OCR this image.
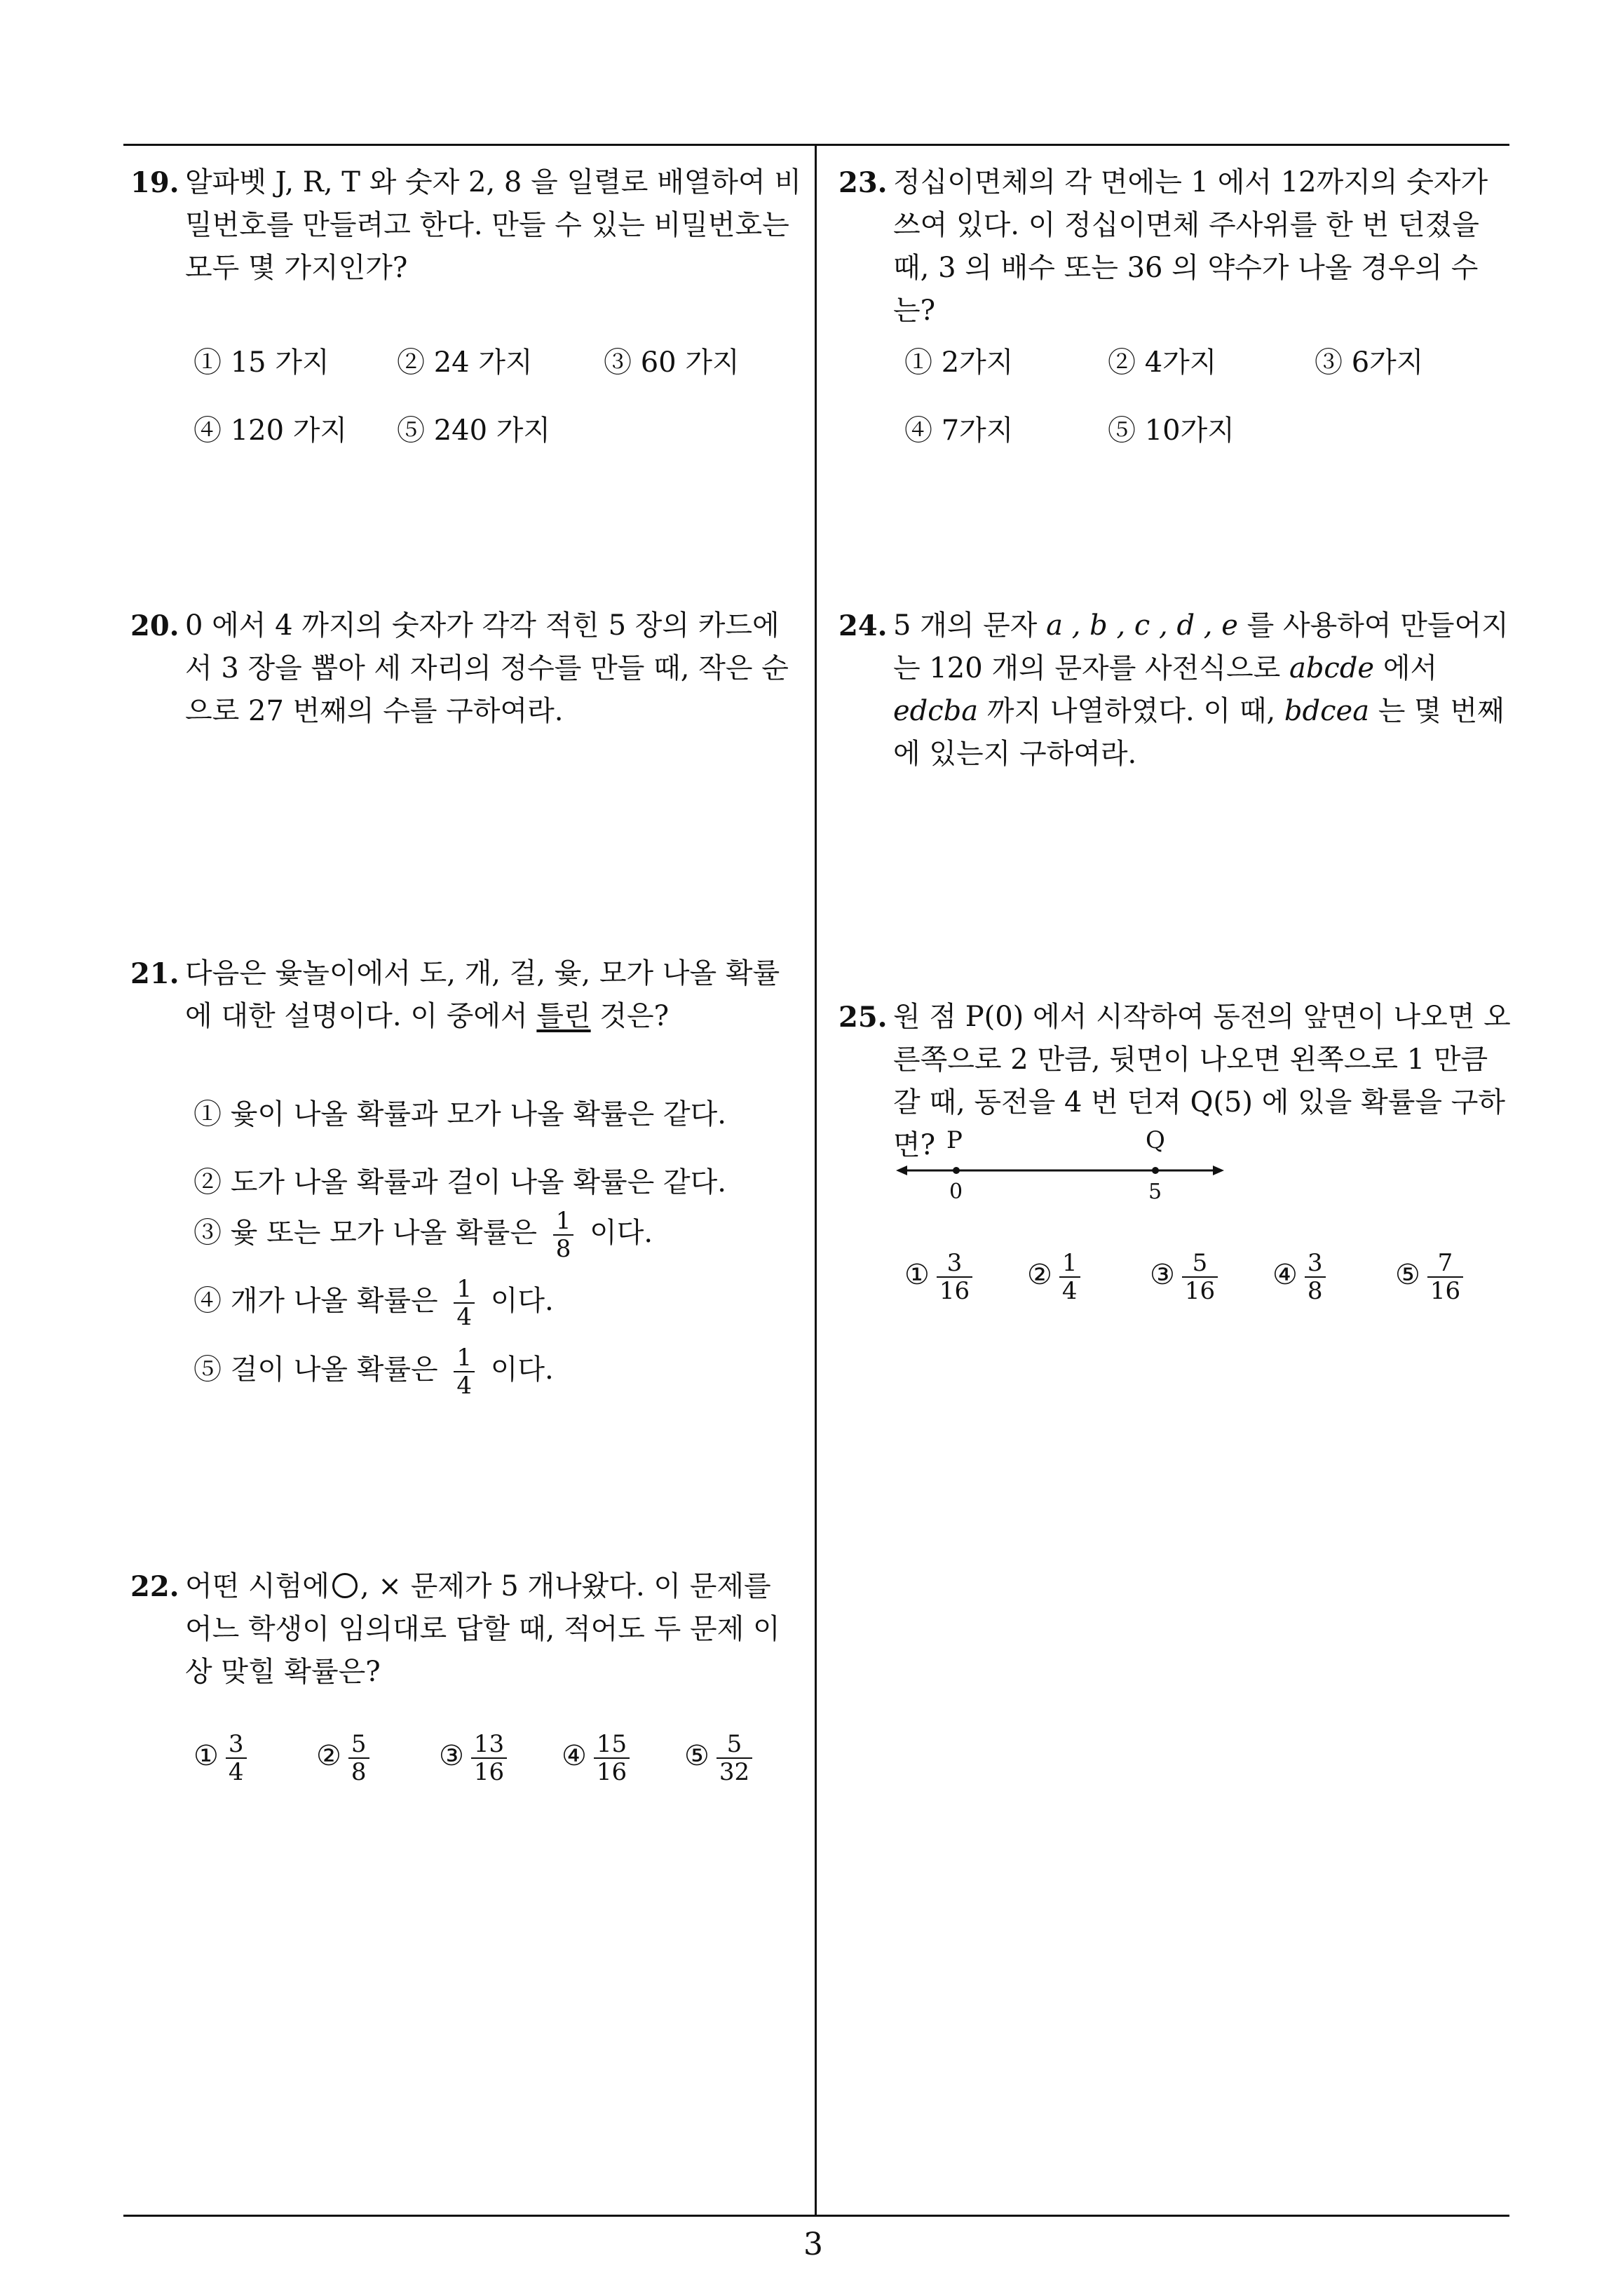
3
19. 알파벳 J, R, T 와 숫자 2, 8 을 일렬로 배열하여 비밀번호를 만들려고 한다. 만들 수 있는 비밀번호는 모두 몇 가지인가?
① 15 가지 ② 24 가지	③ 60 가지
④ 120 가지 ⑤ 240 가지
20. 0 에서 4 까지의 숫자가 각각 적힌 5 장의 카드에서 3 장을 뽑아 세 자리의 정수를 만들 때, 작은 순으로 27 번째의 수를 구하여라.
21. 다음은 윷놀이에서 도, 개, 걸, 윷, 모가 나올 확률에 대한 설명이다. 이 중에서 틀린 것은?
① 윷이 나올 확률과 모가 나올 확률은 같다.
② 도가 나올 확률과 걸이 나올 확률은 같다.
③ 윷 또는 모가 나올 확률은 $\frac{1}{8}$ 이다.
④ 개가 나올 확률은 $\frac{1}{4}$ 이다.
⑤ 걸이 나올 확률은 $\frac{1}{4}$ 이다.
22. 어떤 시험에 , × 문제가 5 개나왔다. 이 문제를 어느 학생이 임의대로 답할 때, 적어도 두 문제 이상 맞힐 확률은?
① $\frac{3}{4}$ ② $\frac{5}{8}$ ③ $\frac{13}{16}$ ④ $\frac{15}{16}$ ⑤ $\frac{5}{32}$
23. 정십이면체의 각 면에는 1 에서 12까지의 숫자가 쓰여 있다. 이 정십이면체 주사위를 한 번 던졌을 때, 3 의 배수 또는 36 의 약수가 나올 경우의 수는?
① 2가지	② 4가지	③ 6가지
④ 7가지	⑤ 10가지
24. 5 개의 문자 a , b , c , d , e 를 사용하여 만들어지는 120 개의 문자를 사전식으로 abcde 에서 edcba 까지 나열하였다. 이 때, bdcea 는 몇 번째에 있는지 구하여라.
25. 원 점 P(0) 에서 시작하여 동전의 앞면이 나오면 오른쪽으로 2 만큼, 뒷면이 나오면 왼쪽으로 1 만큼갈 때, 동전을 4 번 던져 Q(5) 에 있을 확률을 구하면? P	Q
0	5
① $\frac{3}{16}$ ② $\frac{1}{4}$ ③ $\frac{5}{16}$ ④ $\frac{3}{8}$ ⑤ $\frac{7}{16}$
